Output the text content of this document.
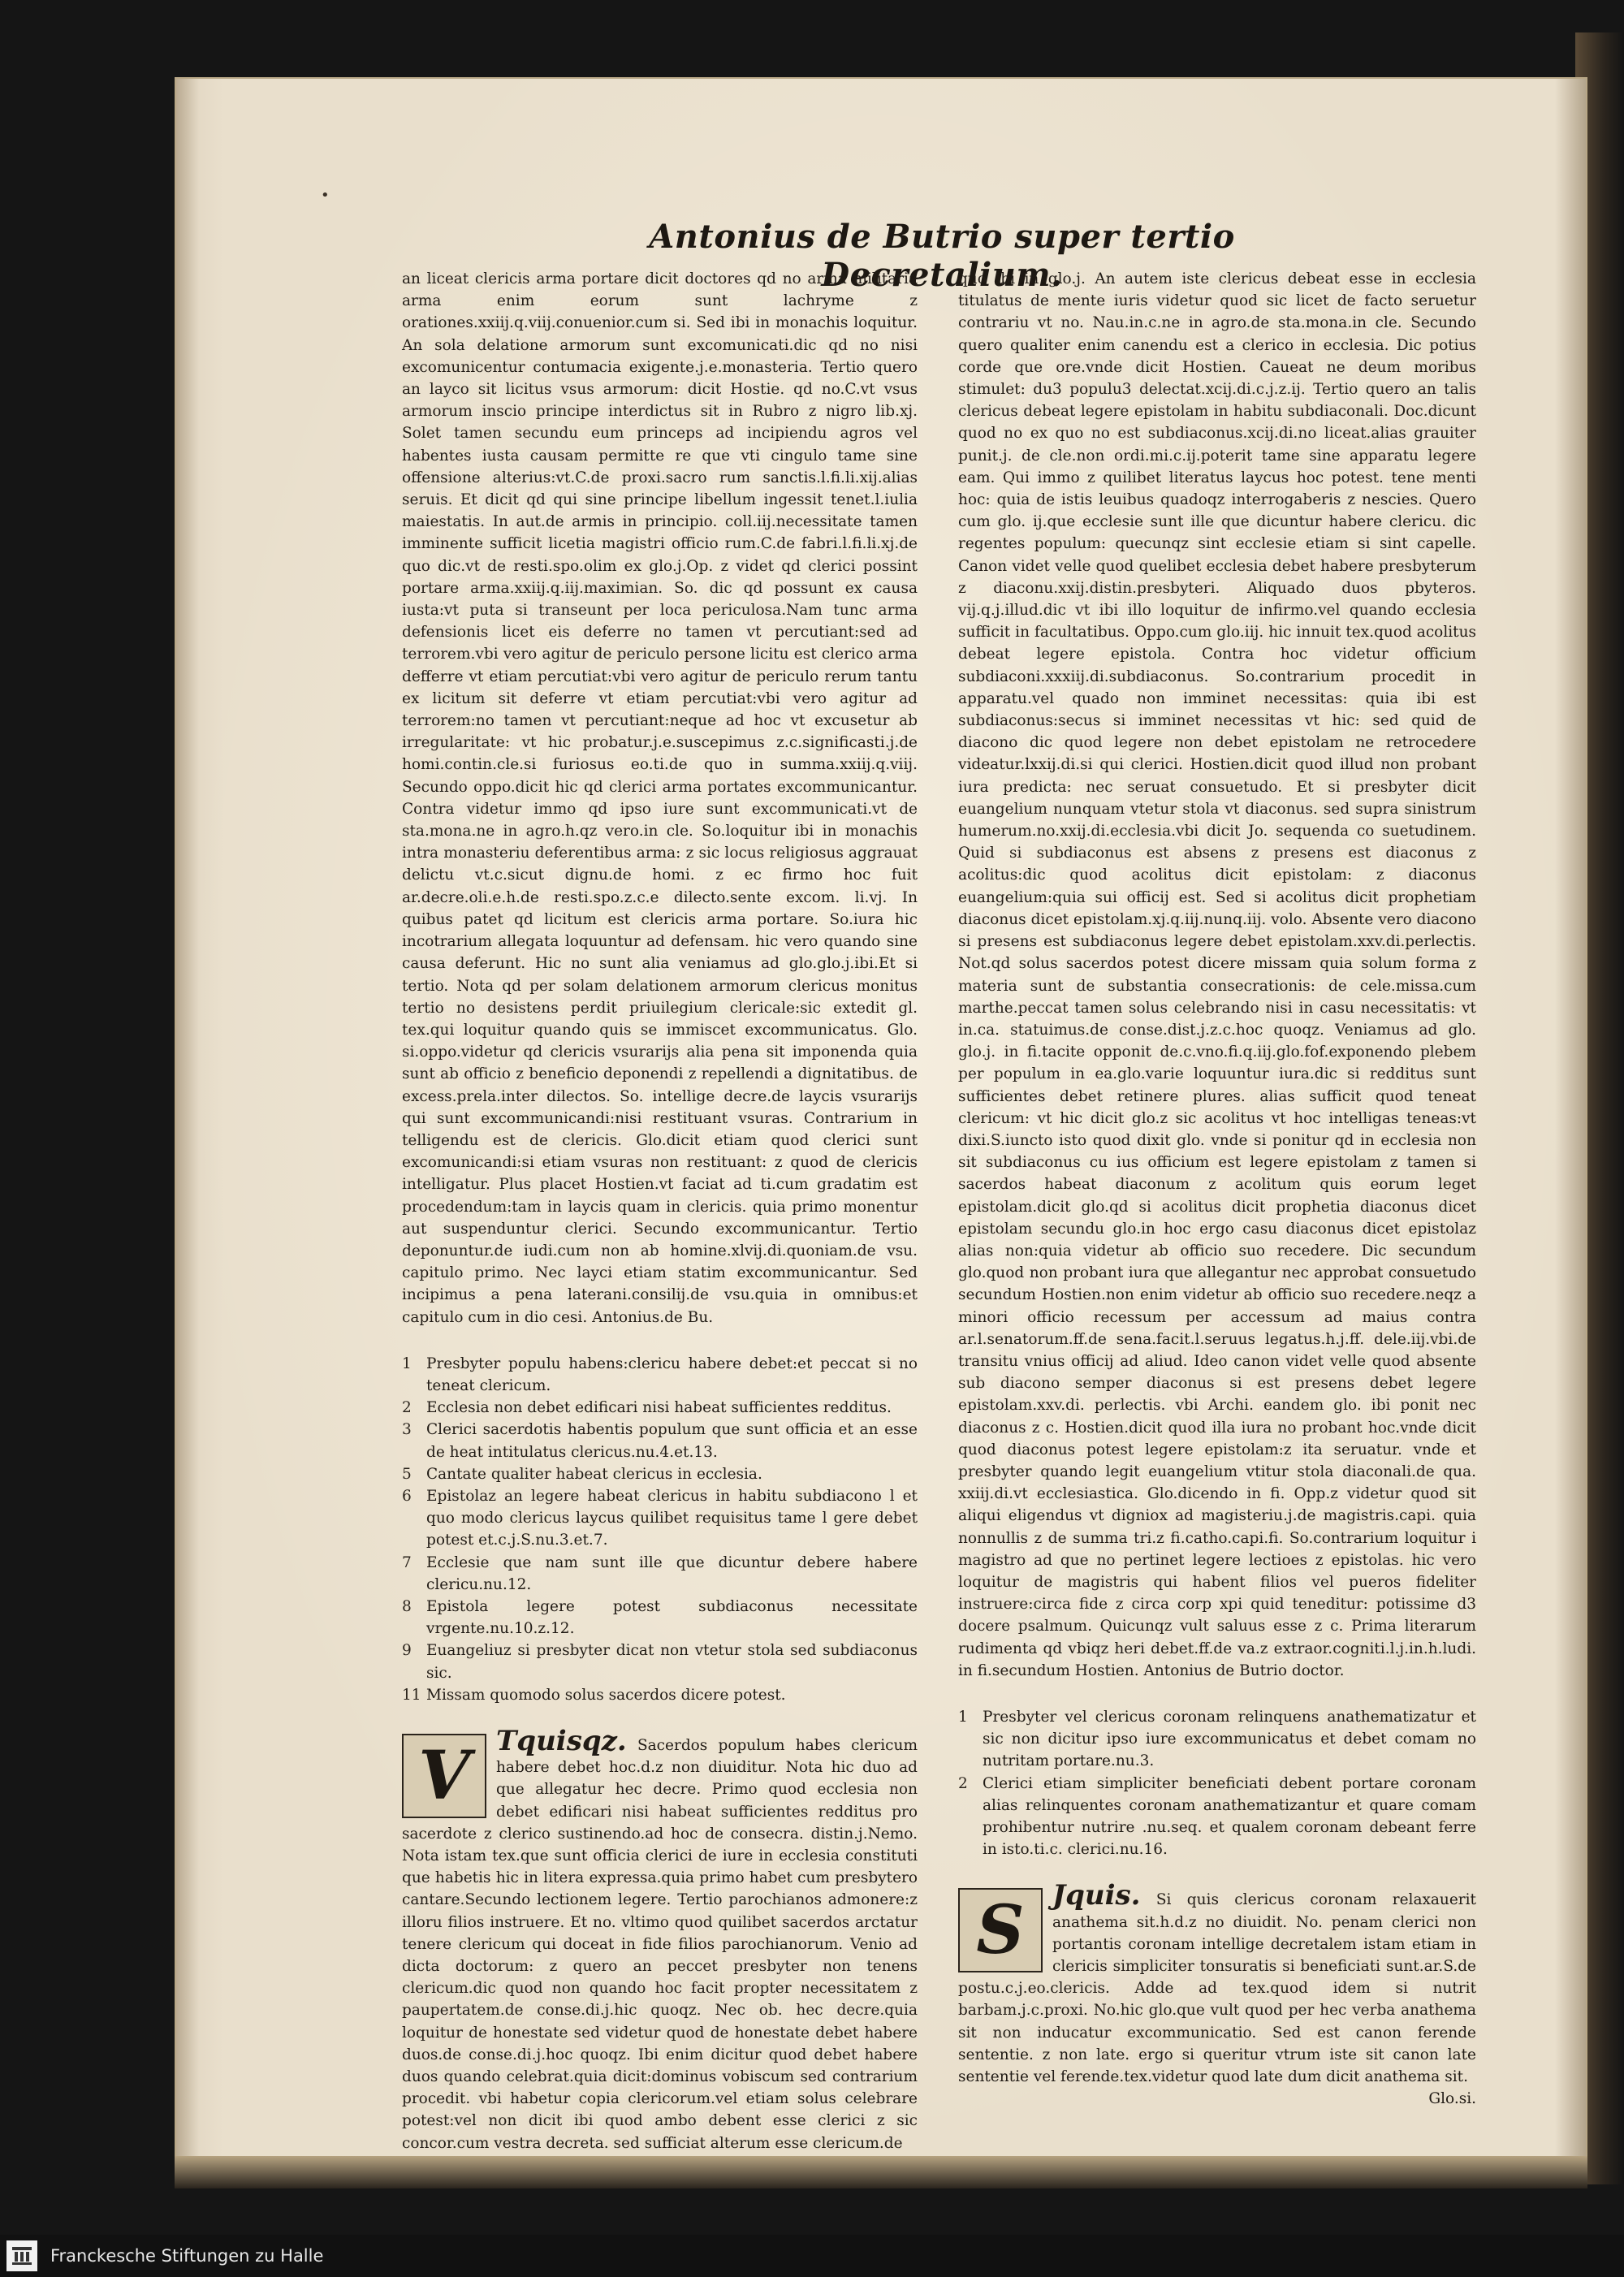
•
Antonius de Butrio super tertio Decretalium.

an liceat clericis arma portare dicit doctores qd no arma militaria arma enim eorum sunt lachryme z orationes.xxiij.q.viij.conuenior.cum si. Sed ibi in monachis loquitur. An sola delatione armorum sunt excomunicati.dic qd no nisi excomunicentur contumacia exigente.j.e.monasteria. Tertio quero an layco sit licitus vsus armorum: dicit Hostie. qd no.C.vt vsus armorum inscio principe interdictus sit in Rubro z nigro lib.xj. Solet tamen secundu eum princeps ad incipiendu agros vel habentes iusta causam permitte re que vti cingulo tame sine offensione alterius:vt.C.de proxi.sacro rum sanctis.l.fi.li.xij.alias seruis. Et dicit qd qui sine principe libellum ingessit tenet.l.iulia maiestatis. In aut.de armis in principio. coll.iij.necessitate tamen imminente sufficit licetia magistri officio rum.C.de fabri.l.fi.li.xj.de quo dic.vt de resti.spo.olim ex glo.j.Op. z videt qd clerici possint portare arma.xxiij.q.iij.maximian. So. dic qd possunt ex causa iusta:vt puta si transeunt per loca periculosa.Nam tunc arma defensionis licet eis deferre no tamen vt percutiant:sed ad terrorem.vbi vero agitur de periculo persone licitu est clerico arma defferre vt etiam percutiat:vbi vero agitur de periculo rerum tantu ex licitum sit deferre vt etiam percutiat:vbi vero agitur ad terrorem:no tamen vt percutiant:neque ad hoc vt excusetur ab irregularitate: vt hic probatur.j.e.suscepimus z.c.significasti.j.de homi.contin.cle.si furiosus eo.ti.de quo in summa.xxiij.q.viij. Secundo oppo.dicit hic qd clerici arma portates excommunicantur. Contra videtur immo qd ipso iure sunt excommunicati.vt de sta.mona.ne in agro.h.qz vero.in cle. So.loquitur ibi in monachis intra monasteriu deferentibus arma: z sic locus religiosus aggrauat delictu vt.c.sicut dignu.de homi. z ec firmo hoc fuit ar.decre.oli.e.h.de resti.spo.z.c.e dilecto.sente excom. li.vj. In quibus patet qd licitum est clericis arma portare. So.iura hic incotrarium allegata loquuntur ad defensam. hic vero quando sine causa deferunt. Hic no sunt alia veniamus ad glo.glo.j.ibi.Et si tertio. Nota qd per solam delationem armorum clericus monitus tertio no desistens perdit priuilegium clericale:sic extedit gl. tex.qui loquitur quando quis se immiscet excommunicatus. Glo. si.oppo.videtur qd clericis vsurarijs alia pena sit imponenda quia sunt ab officio z beneficio deponendi z repellendi a dignitatibus. de excess.prela.inter dilectos. So. intellige decre.de laycis vsurarijs qui sunt excommunicandi:nisi restituant vsuras. Contrarium in telligendu est de clericis. Glo.dicit etiam quod clerici sunt excomunicandi:si etiam vsuras non restituant: z quod de clericis intelligatur. Plus placet Hostien.vt faciat ad ti.cum gradatim est procedendum:tam in laycis quam in clericis. quia primo monentur aut suspenduntur clerici. Secundo excommunicantur. Tertio deponuntur.de iudi.cum non ab homine.xlvij.di.quoniam.de vsu. capitulo primo. Nec layci etiam statim excommunicantur. Sed incipimus a pena laterani.consilij.de vsu.quia in omnibus:et capitulo cum in dio cesi. Antonius.de Bu.

1 Presbyter populu habens:clericu habere debet:et peccat si no teneat clericum.
2 Ecclesia non debet edificari nisi habeat sufficientes redditus.
3 Clerici sacerdotis habentis populum que sunt officia et an esse de heat intitulatus clericus.nu.4.et.13.
5 Cantate qualiter habeat clericus in ecclesia.
6 Epistolaz an legere habeat clericus in habitu subdiacono l et quo modo clericus laycus quilibet requisitus tame l gere debet potest et.c.j.S.nu.3.et.7.
7 Ecclesie que nam sunt ille que dicuntur debere habere clericu.nu.12.
8 Epistola legere potest subdiaconus necessitate vrgente.nu.10.z.12.
9 Euangeliuz si presbyter dicat non vtetur stola sed subdiaconus sic.
11 Missam quomodo solus sacerdos dicere potest.
V Tquisqz. Sacerdos populum habes clericum habere debet hoc.d.z non diuiditur. Nota hic duo ad que allegatur hec decre. Primo quod ecclesia non debet edificari nisi habeat sufficientes redditus pro sacerdote z clerico sustinendo.ad hoc de consecra. distin.j.Nemo. Nota istam tex.que sunt officia clerici de iure in ecclesia constituti que habetis hic in litera expressa.quia primo habet cum presbytero cantare.Secundo lectionem legere. Tertio parochianos admonere:z illoru filios instruere. Et no. vltimo quod quilibet sacerdos arctatur tenere clericum qui doceat in fide filios parochianorum. Venio ad dicta doctorum: z quero an peccet presbyter non tenens clericum.dic quod non quando hoc facit propter necessitatem z paupertatem.de conse.di.j.hic quoqz. Nec ob. hec decre.quia loquitur de honestate sed videtur quod de honestate debet habere duos.de conse.di.j.hoc quoqz. Ibi enim dicitur quod debet habere duos quando celebrat.quia dicit:dominus vobiscum sed contrarium procedit. vbi habetur copia clericorum.vel etiam solus celebrare potest:vel non dicit ibi quod ambo debent esse clerici z sic concor.cum vestra decreta. sed sufficiat alterum esse clericum.de

quo ibi in glo.j. An autem iste clericus debeat esse in ecclesia titulatus de mente iuris videtur quod sic licet de facto seruetur contrariu vt no. Nau.in.c.ne in agro.de sta.mona.in cle. Secundo quero qualiter enim canendu est a clerico in ecclesia. Dic potius corde que ore.vnde dicit Hostien. Caueat ne deum moribus stimulet: du3 populu3 delectat.xcij.di.c.j.z.ij. Tertio quero an talis clericus debeat legere epistolam in habitu subdiaconali. Doc.dicunt quod no ex quo no est subdiaconus.xcij.di.no liceat.alias grauiter punit.j. de cle.non ordi.mi.c.ij.poterit tame sine apparatu legere eam. Qui immo z quilibet literatus laycus hoc potest. tene menti hoc: quia de istis leuibus quadoqz interrogaberis z nescies. Quero cum glo. ij.que ecclesie sunt ille que dicuntur habere clericu. dic regentes populum: quecunqz sint ecclesie etiam si sint capelle. Canon videt velle quod quelibet ecclesia debet habere presbyterum z diaconu.xxij.distin.presbyteri. Aliquado duos pbyteros. vij.q.j.illud.dic vt ibi illo loquitur de infirmo.vel quando ecclesia sufficit in facultatibus. Oppo.cum glo.iij. hic innuit tex.quod acolitus debeat legere epistola. Contra hoc videtur officium subdiaconi.xxxiij.di.subdiaconus. So.contrarium procedit in apparatu.vel quado non imminet necessitas: quia ibi est subdiaconus:secus si imminet necessitas vt hic: sed quid de diacono dic quod legere non debet epistolam ne retrocedere videatur.lxxij.di.si qui clerici. Hostien.dicit quod illud non probant iura predicta: nec seruat consuetudo. Et si presbyter dicit euangelium nunquam vtetur stola vt diaconus. sed supra sinistrum humerum.no.xxij.di.ecclesia.vbi dicit Jo. sequenda co suetudinem. Quid si subdiaconus est absens z presens est diaconus z acolitus:dic quod acolitus dicit epistolam: z diaconus euangelium:quia sui officij est. Sed si acolitus dicit prophetiam diaconus dicet epistolam.xj.q.iij.nunq.iij. volo. Absente vero diacono si presens est subdiaconus legere debet epistolam.xxv.di.perlectis. Not.qd solus sacerdos potest dicere missam quia solum forma z materia sunt de substantia consecrationis: de cele.missa.cum marthe.peccat tamen solus celebrando nisi in casu necessitatis: vt in.ca. statuimus.de conse.dist.j.z.c.hoc quoqz. Veniamus ad glo. glo.j. in fi.tacite opponit de.c.vno.fi.q.iij.glo.fof.exponendo plebem per populum in ea.glo.varie loquuntur iura.dic si redditus sunt sufficientes debet retinere plures. alias sufficit quod teneat clericum: vt hic dicit glo.z sic acolitus vt hoc intelligas teneas:vt dixi.S.iuncto isto quod dixit glo. vnde si ponitur qd in ecclesia non sit subdiaconus cu ius officium est legere epistolam z tamen si sacerdos habeat diaconum z acolitum quis eorum leget epistolam.dicit glo.qd si acolitus dicit prophetia diaconus dicet epistolam secundu glo.in hoc ergo casu diaconus dicet epistolaz alias non:quia videtur ab officio suo recedere. Dic secundum glo.quod non probant iura que allegantur nec approbat consuetudo secundum Hostien.non enim videtur ab officio suo recedere.neqz a minori officio recessum per accessum ad maius contra ar.l.senatorum.ff.de sena.facit.l.seruus legatus.h.j.ff. dele.iij.vbi.de transitu vnius officij ad aliud. Ideo canon videt velle quod absente sub diacono semper diaconus si est presens debet legere epistolam.xxv.di. perlectis. vbi Archi. eandem glo. ibi ponit nec diaconus z c. Hostien.dicit quod illa iura no probant hoc.vnde dicit quod diaconus potest legere epistolam:z ita seruatur. vnde et presbyter quando legit euangelium vtitur stola diaconali.de qua. xxiij.di.vt ecclesiastica. Glo.dicendo in fi. Opp.z videtur quod sit aliqui eligendus vt digniox ad magisteriu.j.de magistris.capi. quia nonnullis z de summa tri.z fi.catho.capi.fi. So.contrarium loquitur i magistro ad que no pertinet legere lectioes z epistolas. hic vero loquitur de magistris qui habent filios vel pueros fideliter instruere:circa fide z circa corp xpi quid teneditur: potissime d3 docere psalmum. Quicunqz vult saluus esse z c. Prima literarum rudimenta qd vbiqz heri debet.ff.de va.z extraor.cogniti.l.j.in.h.ludi. in fi.secundum Hostien. Antonius de Butrio doctor.

1 Presbyter vel clericus coronam relinquens anathematizatur et sic non dicitur ipso iure excommunicatus et debet comam no nutritam portare.nu.3.
2 Clerici etiam simpliciter beneficiati debent portare coronam alias relinquentes coronam anathematizantur et quare comam prohibentur nutrire .nu.seq. et qualem coronam debeant ferre in isto.ti.c. clerici.nu.16.
S	Jquis. Si quis clericus coronam relaxauerit anathema sit.h.d.z no diuidit. No. penam clerici non portantis coronam intellige decretalem istam etiam in clericis simpliciter tonsuratis si beneficiati sunt.ar.S.de postu.c.j.eo.clericis. Adde ad tex.quod idem si nutrit barbam.j.c.proxi. No.hic glo.que vult quod per hec verba anathema sit non inducatur excommunicatio. Sed est canon ferende sententie. z non late. ergo si queritur vtrum iste sit canon late sententie vel ferende.tex.videtur quod late dum dicit anathema sit.
Glo.si.
Franckesche Stiftungen zu Halle
